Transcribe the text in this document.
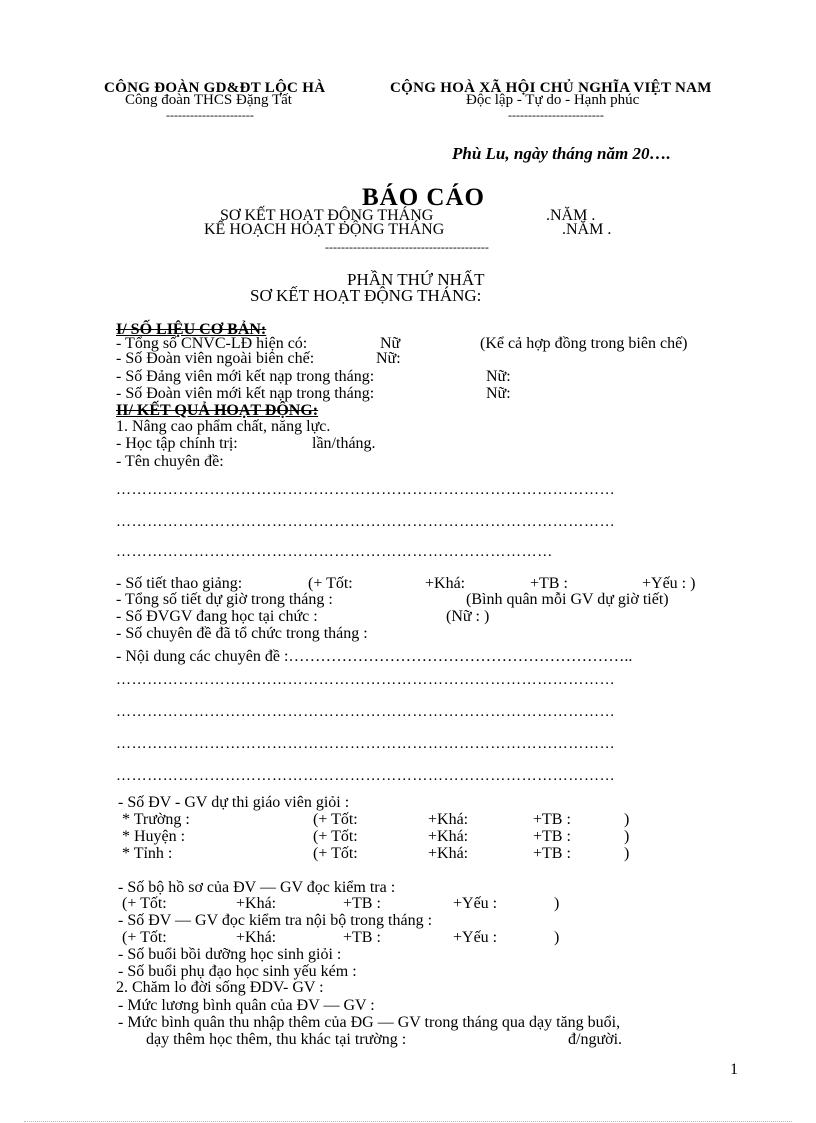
CÔNG ĐOÀN GD&ĐT LỘC HÀ
Công đoàn THCS Đặng Tất
----------------------
CỘNG HOÀ XÃ HỘI CHỦ NGHĨA VIỆT NAM
Độc lập - Tự do - Hạnh phúc
------------------------
Phù Lu, ngày tháng năm 20….
BÁO CÁO
SƠ KẾT HOẠT ĐỘNG THÁNG	.NĂM .
KẾ HOẠCH HOẠT ĐỘNG THÁNG	.NĂM .
-----------------------------------------
PHẦN THỨ NHẤT
SƠ KẾT HOẠT ĐỘNG THÁNG:
I/ SỐ LIỆU CƠ BẢN:
- Tổng số CNVC-LĐ hiện có:	Nữ	(Kể cả hợp đồng trong biên chế)
- Số Đoàn viên ngoài biên chế:	Nữ:
- Số Đảng viên mới kết nạp trong tháng:	Nữ:
- Số Đoàn viên mới kết nạp trong tháng:	Nữ:
II/ KẾT QUẢ HOẠT ĐỘNG:
1. Nâng cao phẩm chất, năng lực.
- Học tập chính trị:	lần/tháng.
- Tên chuyên đề:
……………………………………………………………………………………
……………………………………………………………………………………
…………………………………………………………………………
- Số tiết thao giảng:	(+ Tốt:	+Khá:	+TB :	+Yếu : )
- Tổng số tiết dự giờ trong tháng :	(Bình quân mỗi GV dự giờ tiết)
- Số ĐVGV đang học tại chức :	(Nữ : )
- Số chuyên đề đã tổ chức trong tháng :
- Nội dung các chuyên đề :………………………………………………………..
……………………………………………………………………………………
……………………………………………………………………………………
……………………………………………………………………………………
……………………………………………………………………………………
- Số ĐV - GV dự thi giáo viên giỏi :
* Trường :	(+ Tốt:	+Khá:	+TB :	)
* Huyện :	(+ Tốt:	+Khá:	+TB :	)
* Tỉnh :	(+ Tốt:	+Khá:	+TB :	)
- Số bộ hồ sơ của ĐV — GV đọc kiểm tra :
(+ Tốt:	+Khá:	+TB :	+Yếu :	)
- Số ĐV — GV đọc kiểm tra nội bộ trong tháng :
(+ Tốt:	+Khá:	+TB :	+Yếu :	)
- Số buổi bồi dưỡng học sinh giỏi :
- Số buổi phụ đạo học sinh yếu kém :
2. Chăm lo đời sống ĐDV- GV :
- Mức lương bình quân của ĐV — GV :
- Mức bình quân thu nhập thêm của ĐG — GV trong tháng qua dạy tăng buổi,
dạy thêm học thêm, thu khác tại trường :	đ/người.
1
